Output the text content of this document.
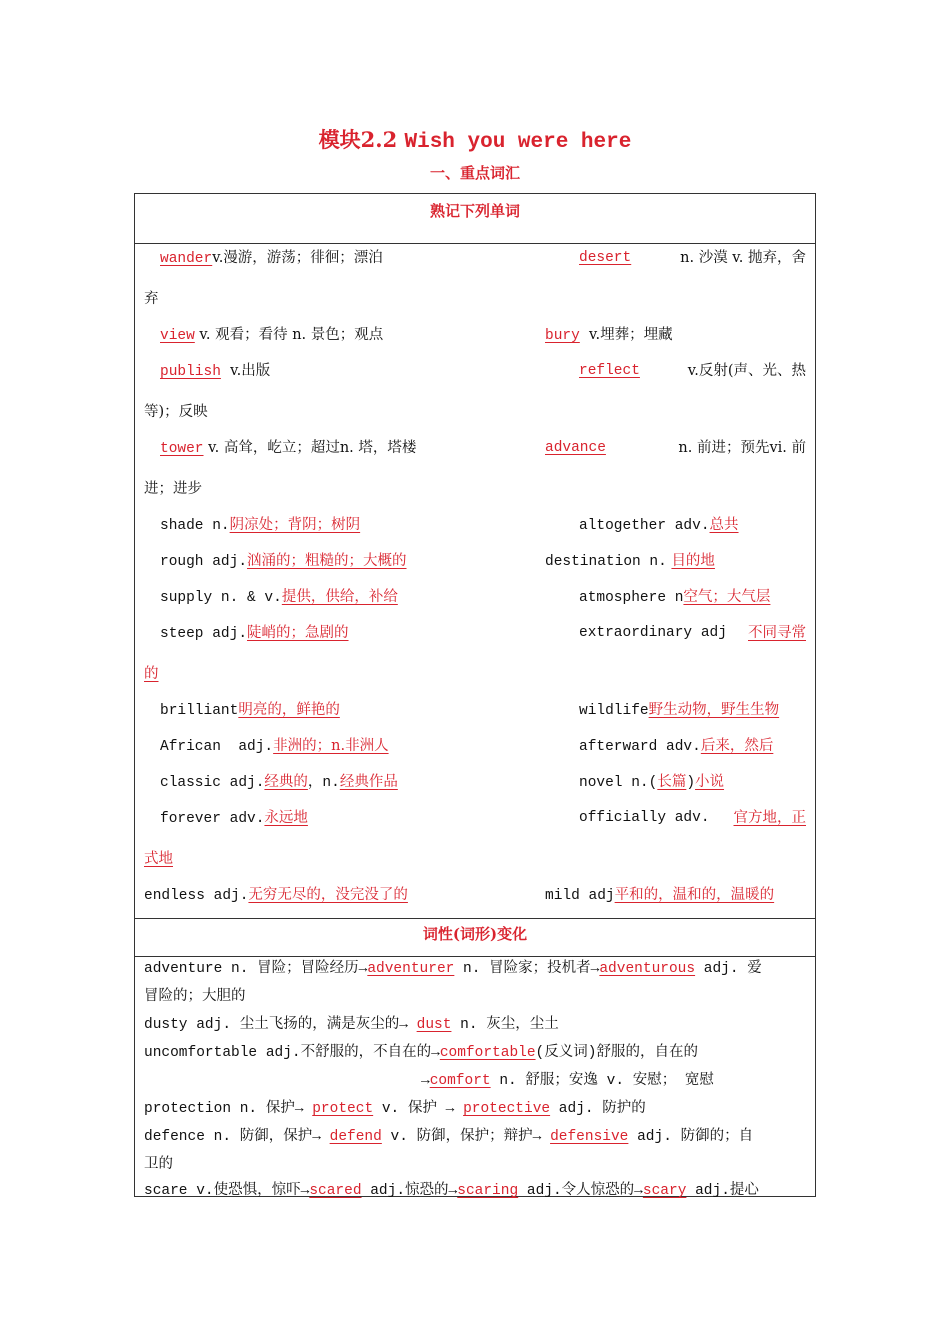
模块2.2 Wish you were here
一、重点词汇
熟记下列单词
wanderv.漫游，游荡；徘徊；漂泊	desert	n. 沙漠 v. 抛弃，舍
弃
view v. 观看；看待 n. 景色；观点	bury v.埋葬；埋藏
publish v.出版	reflect	v.反射(声、光、热
等)；反映
tower v. 高耸，屹立；超过n. 塔，塔楼	advance	n. 前进；预先vi. 前
进；进步
shade n.阴凉处；背阴；树阴	altogether adv.总共
rough adj.汹涌的；粗糙的；大概的	destination n. 目的地
supply n. & v.提供，供给，补给	atmosphere n空气；大气层
steep adj.陡峭的；急剧的	extraordinary adj 不同寻常
的
brilliant明亮的，鲜艳的	wildlife野生动物，野生生物
African  adj.非洲的；n.非洲人	afterward adv.后来，然后
classic adj.经典的，n.经典作品	novel n.(长篇)小说
forever adv.永远地	officially adv. 官方地，正
式地
endless adj.无穷无尽的，没完没了的	mild adj平和的，温和的，温暖的
词性(词形)变化
adventure n. 冒险；冒险经历→adventurer n. 冒险家；投机者→adventurous adj. 爱
冒险的；大胆的
dusty adj. 尘土飞扬的，满是灰尘的→ dust n. 灰尘，尘土
uncomfortable adj.不舒服的，不自在的→comfortable(反义词)舒服的，自在的
→comfort n. 舒服；安逸 v. 安慰； 宽慰
protection n. 保护→ protect v. 保护 → protective adj. 防护的
defence n. 防御，保护→ defend v. 防御，保护；辩护→ defensive adj. 防御的；自
卫的
scare v.使恐惧，惊吓→scared adj.惊恐的→scaring adj.令人惊恐的→scary adj.提心
